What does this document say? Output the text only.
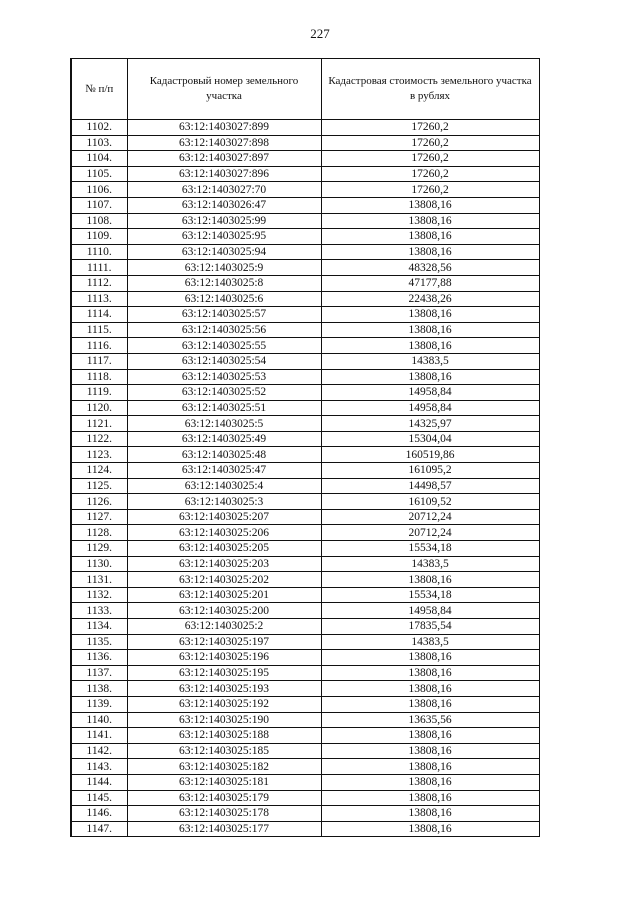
227
№ п/п	Кадастровый номер земельного участка	Кадастровая стоимость земельного участка в рублях
1102.	63:12:1403027:899	17260,2
1103.	63:12:1403027:898	17260,2
1104.	63:12:1403027:897	17260,2
1105.	63:12:1403027:896	17260,2
1106.	63:12:1403027:70	17260,2
1107.	63:12:1403026:47	13808,16
1108.	63:12:1403025:99	13808,16
1109.	63:12:1403025:95	13808,16
1110.	63:12:1403025:94	13808,16
1111.	63:12:1403025:9	48328,56
1112.	63:12:1403025:8	47177,88
1113.	63:12:1403025:6	22438,26
1114.	63:12:1403025:57	13808,16
1115.	63:12:1403025:56	13808,16
1116.	63:12:1403025:55	13808,16
1117.	63:12:1403025:54	14383,5
1118.	63:12:1403025:53	13808,16
1119.	63:12:1403025:52	14958,84
1120.	63:12:1403025:51	14958,84
1121.	63:12:1403025:5	14325,97
1122.	63:12:1403025:49	15304,04
1123.	63:12:1403025:48	160519,86
1124.	63:12:1403025:47	161095,2
1125.	63:12:1403025:4	14498,57
1126.	63:12:1403025:3	16109,52
1127.	63:12:1403025:207	20712,24
1128.	63:12:1403025:206	20712,24
1129.	63:12:1403025:205	15534,18
1130.	63:12:1403025:203	14383,5
1131.	63:12:1403025:202	13808,16
1132.	63:12:1403025:201	15534,18
1133.	63:12:1403025:200	14958,84
1134.	63:12:1403025:2	17835,54
1135.	63:12:1403025:197	14383,5
1136.	63:12:1403025:196	13808,16
1137.	63:12:1403025:195	13808,16
1138.	63:12:1403025:193	13808,16
1139.	63:12:1403025:192	13808,16
1140.	63:12:1403025:190	13635,56
1141.	63:12:1403025:188	13808,16
1142.	63:12:1403025:185	13808,16
1143.	63:12:1403025:182	13808,16
1144.	63:12:1403025:181	13808,16
1145.	63:12:1403025:179	13808,16
1146.	63:12:1403025:178	13808,16
1147.	63:12:1403025:177	13808,16
